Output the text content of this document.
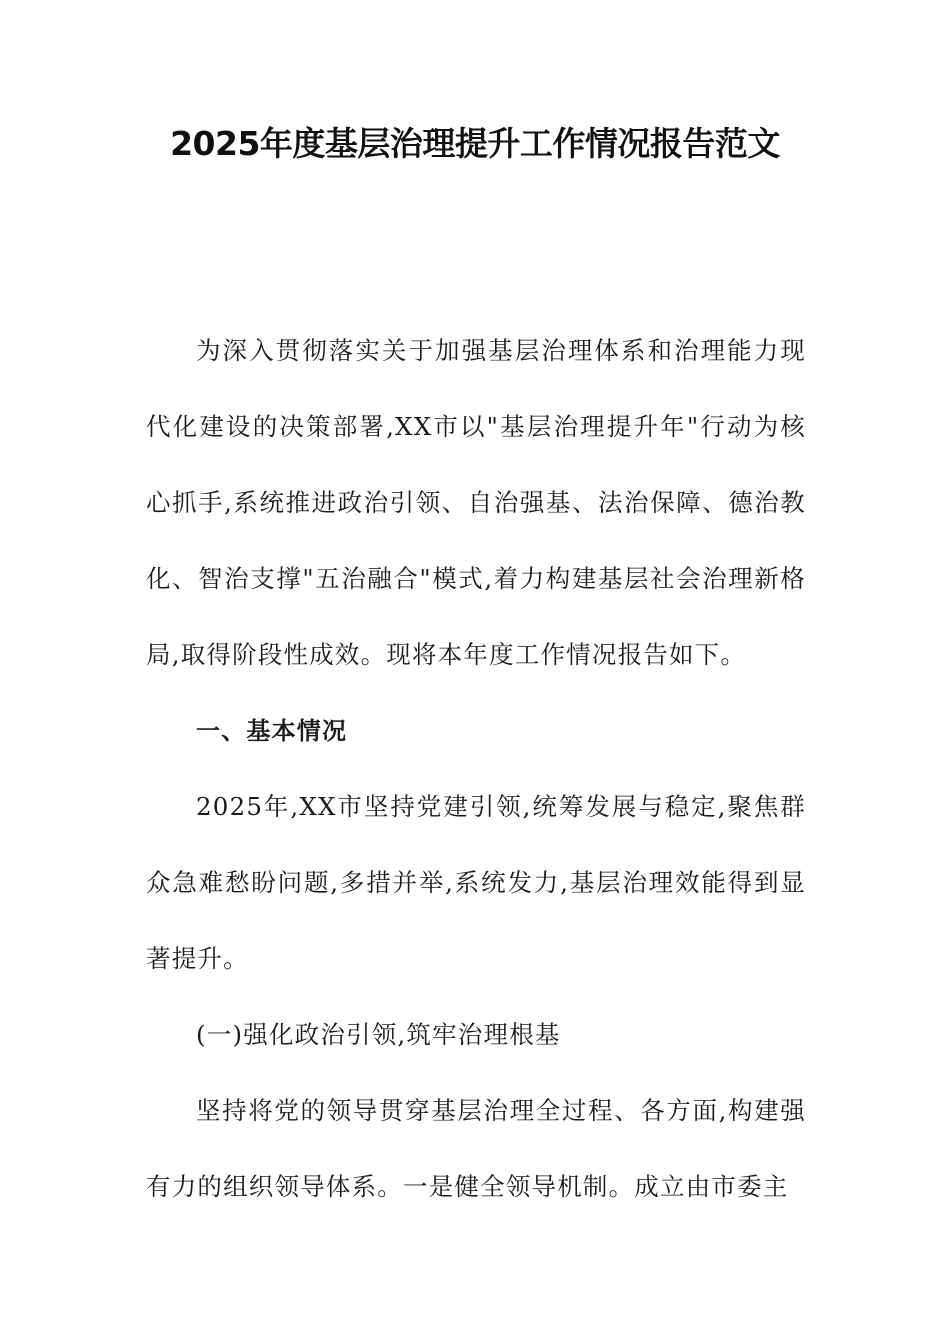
2025年度基层治理提升工作情况报告范文

为深入贯彻落实关于加强基层治理体系和治理能力现代化建设的决策部署,XX市以"基层治理提升年"行动为核心抓手,系统推进政治引领、自治强基、法治保障、德治教化、智治支撑"五治融合"模式,着力构建基层社会治理新格局,取得阶段性成效。现将本年度工作情况报告如下。

一、基本情况

2025年,XX市坚持党建引领,统筹发展与稳定,聚焦群众急难愁盼问题,多措并举,系统发力,基层治理效能得到显著提升。

(一)强化政治引领,筑牢治理根基

坚持将党的领导贯穿基层治理全过程、各方面,构建强有力的组织领导体系。一是健全领导机制。成立由市委主
